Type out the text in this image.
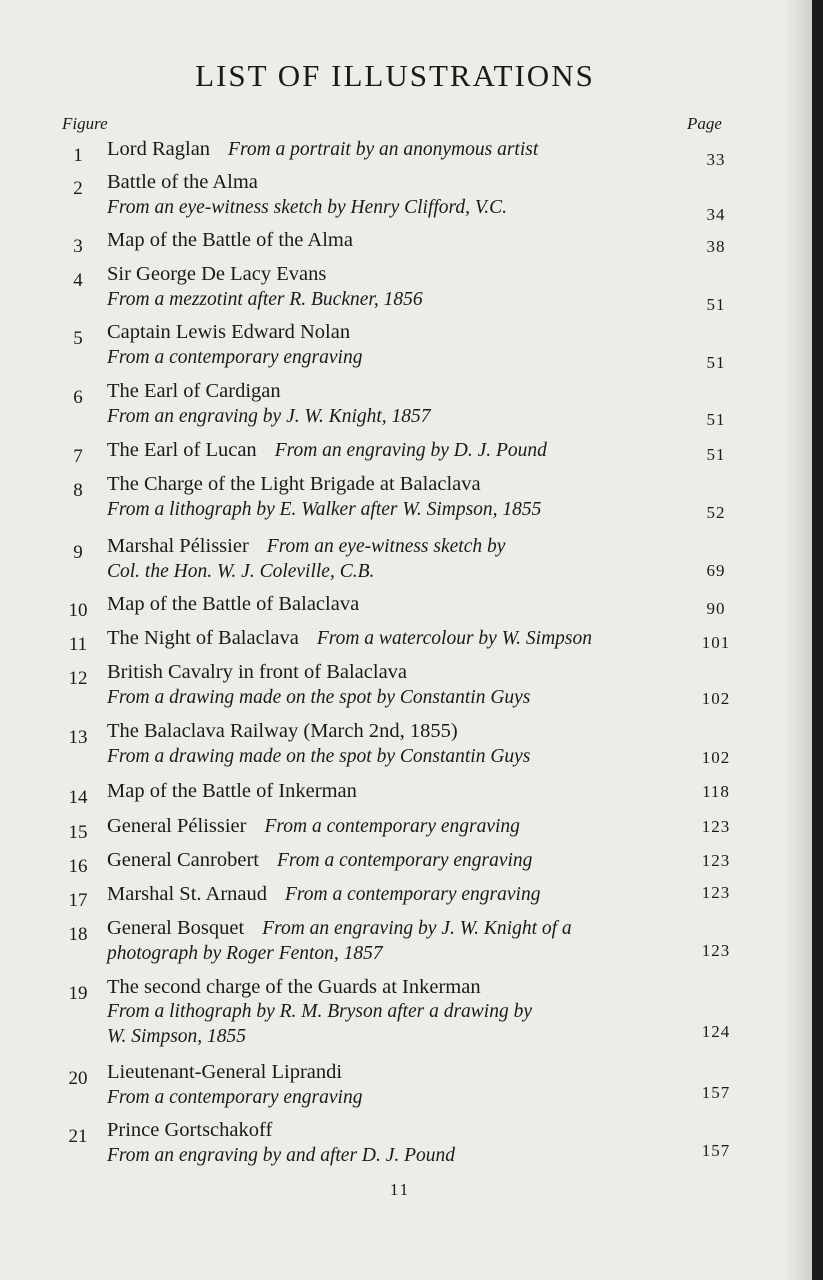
LIST OF ILLUSTRATIONS
Figure	Page
1	Lord Raglan From a portrait by an anonymous artist	33
2	Battle of the Alma
From an eye-witness sketch by Henry Clifford, V.C.	34
3	Map of the Battle of the Alma	38
4	Sir George De Lacy Evans
From a mezzotint after R. Buckner, 1856	51
5	Captain Lewis Edward Nolan
From a contemporary engraving	51
6	The Earl of Cardigan
From an engraving by J. W. Knight, 1857	51
7	The Earl of Lucan From an engraving by D. J. Pound	51
8	The Charge of the Light Brigade at Balaclava
From a lithograph by E. Walker after W. Simpson, 1855	52
9	Marshal Pélissier From an eye-witness sketch by
Col. the Hon. W. J. Colevill​e, C.B.	69
10 Map of the Battle of Balaclava	90
11 The Night of Balaclava From a watercolour by W. Simpson	101
12 British Cavalry in front of Balaclava
From a drawing made on the spot by Constantin Guys	102
13 The Balaclava Railway (March 2nd, 1855)
From a drawing made on the spot by Constantin Guys	102
14 Map of the Battle of Inkerman	118
15 General Pélissier From a contemporary engraving	123
16 General Canrobert From a contemporary engraving	123
17 Marshal St. Arnaud From a contemporary engraving	123
18 General Bosquet From an engraving by J. W. Knight of a
photograph by Roger Fenton, 1857	123
19 The second charge of the Guards at Inkerman
From a lithograph by R. M. Bryson after a drawing by
W. Simpson, 1855	124
20 Lieutenant-General Liprandi
From a contemporary engraving	157
21 Prince Gortschakoff
From an engraving by and after D. J. Pound	157
11
